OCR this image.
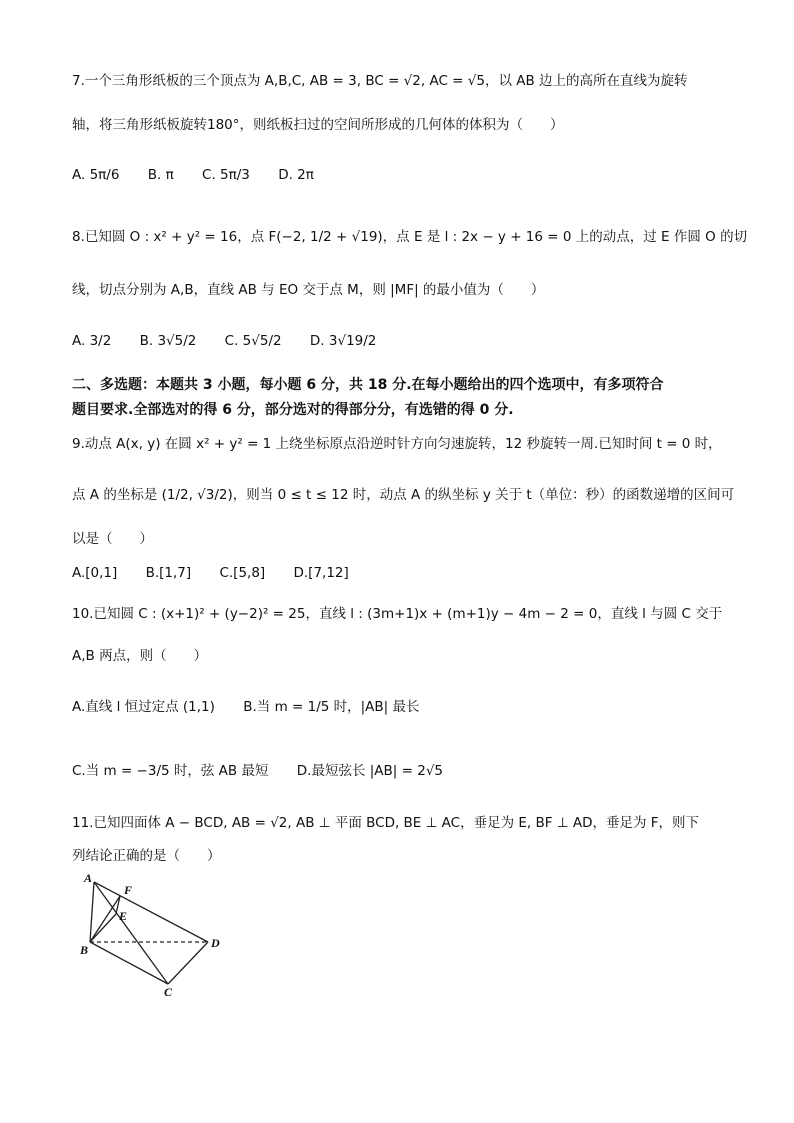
7.一个三角形纸板的三个顶点为 A,B,C, AB = 3, BC = √2, AC = √5，以 AB 边上的高所在直线为旋转
轴，将三角形纸板旋转180°，则纸板扫过的空间所形成的几何体的体积为（　　）
A. 5π/6 B. π C. 5π/3 D. 2π
8.已知圆 O : x² + y² = 16，点 F(−2, 1/2 + √19)，点 E 是 l : 2x − y + 16 = 0 上的动点，过 E 作圆 O 的切
线，切点分别为 A,B，直线 AB 与 EO 交于点 M，则 |MF| 的最小值为（　　）
A. 3/2 B. 3√5/2 C. 5√5/2 D. 3√19/2
二、多选题：本题共 3 小题，每小题 6 分，共 18 分.在每小题给出的四个选项中，有多项符合
题目要求.全部选对的得 6 分，部分选对的得部分分，有选错的得 0 分.
9.动点 A(x, y) 在圆 x² + y² = 1 上绕坐标原点沿逆时针方向匀速旋转，12 秒旋转一周.已知时间 t = 0 时，
点 A 的坐标是 (1/2, √3/2)，则当 0 ≤ t ≤ 12 时，动点 A 的纵坐标 y 关于 t（单位：秒）的函数递增的区间可
以是（　　）
A.[0,1] B.[1,7] C.[5,8] D.[7,12]
10.已知圆 C : (x+1)² + (y−2)² = 25，直线 l : (3m+1)x + (m+1)y − 4m − 2 = 0，直线 l 与圆 C 交于
A,B 两点，则（　　）
A.直线 l 恒过定点 (1,1) B.当 m = 1/5 时，|AB| 最长
C.当 m = −3/5 时，弦 AB 最短 D.最短弦长 |AB| = 2√5
11.已知四面体 A − BCD, AB = √2, AB ⊥ 平面 BCD, BE ⊥ AC，垂足为 E, BF ⊥ AD，垂足为 F，则下
列结论正确的是（　　）
A
F
E
B	D
C
